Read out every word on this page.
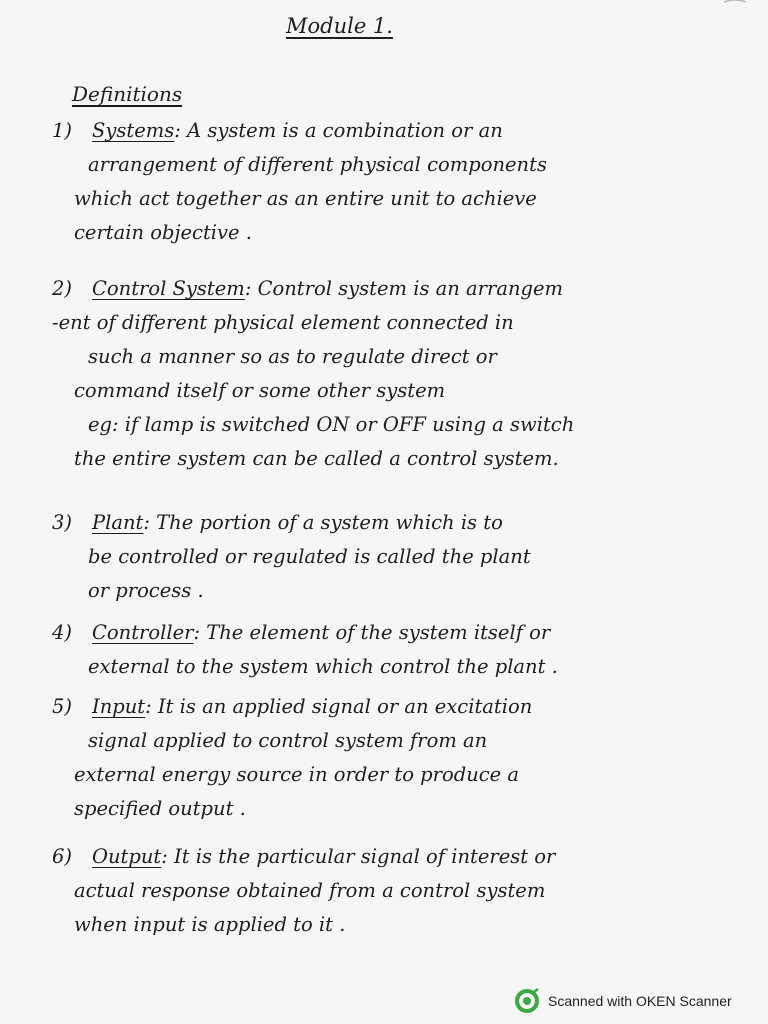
Module 1.
Definitions
1) Systems: A system is a combination or an
arrangement of different physical components
which act together as an entire unit to achieve
certain objective .
2) Control System: Control system is an arrangem
-ent of different physical element connected in
such a manner so as to regulate direct or
command itself or some other system
eg: if lamp is switched ON or OFF using a switch
the entire system can be called a control system.
3) Plant: The portion of a system which is to
be controlled or regulated is called the plant
or process .
4) Controller: The element of the system itself or
external to the system which control the plant .
5) Input: It is an applied signal or an excitation
signal applied to control system from an
external energy source in order to produce a
specified output .
6) Output: It is the particular signal of interest or
actual response obtained from a control system
when input is applied to it .
Scanned with OKEN Scanner
